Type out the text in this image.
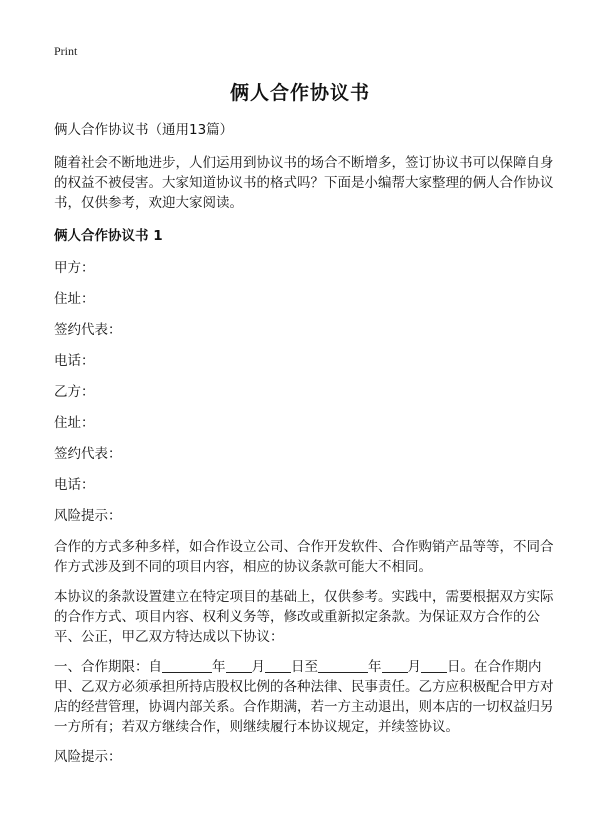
Print
俩人合作协议书

俩人合作协议书（通用13篇）

随着社会不断地进步，人们运用到协议书的场合不断增多，签订协议书可以保障自身的权益不被侵害。大家知道协议书的格式吗？下面是小编帮大家整理的俩人合作协议书，仅供参考，欢迎大家阅读。

俩人合作协议书 1

甲方：

住址：

签约代表：

电话：

乙方：

住址：

签约代表：

电话：

风险提示：

合作的方式多种多样，如合作设立公司、合作开发软件、合作购销产品等等，不同合作方式涉及到不同的项目内容，相应的协议条款可能大不相同。

本协议的条款设置建立在特定项目的基础上，仅供参考。实践中，需要根据双方实际的合作方式、项目内容、权利义务等，修改或重新拟定条款。为保证双方合作的公平、公正，甲乙双方特达成以下协议：

一、合作期限：自	年 月 日至	年 月 日。在合作期内甲、乙双方必须承担所持店股权比例的各种法律、民事责任。乙方应积极配合甲方对店的经营管理，协调内部关系。合作期满，若一方主动退出，则本店的一切权益归另一方所有；若双方继续合作，则继续履行本协议规定，并续签协议。

风险提示：
